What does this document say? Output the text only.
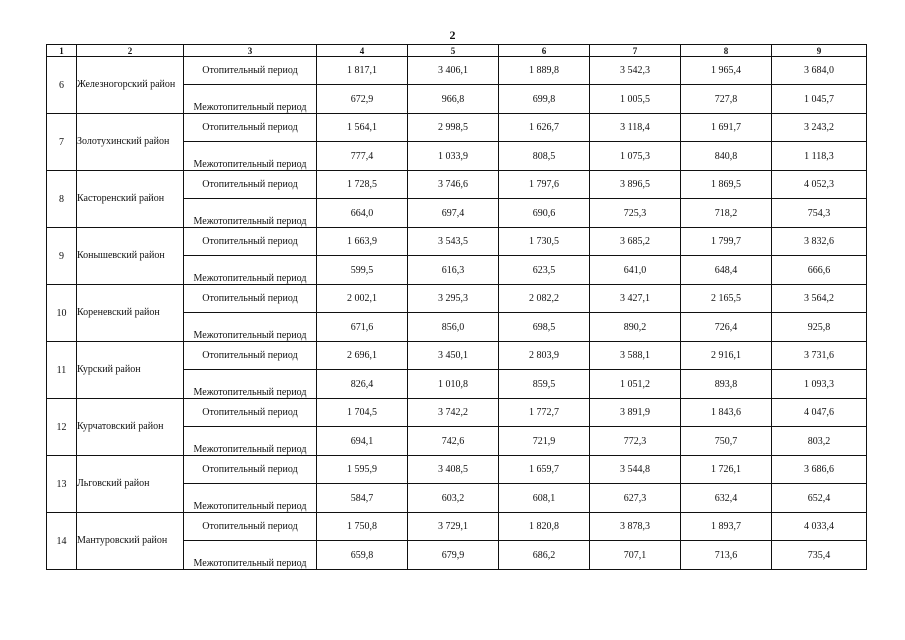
2
1	2	3	4	5	6	7	8	9
6	Железногорский район	Отопительный период	1 817,1	3 406,1	1 889,8	3 542,3	1 965,4	3 684,0
		Межотопительный период	672,9	966,8	699,8	1 005,5	727,8	1 045,7
7	Золотухинский район	Отопительный период	1 564,1	2 998,5	1 626,7	3 118,4	1 691,7	3 243,2
		Межотопительный период	777,4	1 033,9	808,5	1 075,3	840,8	1 118,3
8	Касторенский район	Отопительный период	1 728,5	3 746,6	1 797,6	3 896,5	1 869,5	4 052,3
		Межотопительный период	664,0	697,4	690,6	725,3	718,2	754,3
9	Конышевский район	Отопительный период	1 663,9	3 543,5	1 730,5	3 685,2	1 799,7	3 832,6
		Межотопительный период	599,5	616,3	623,5	641,0	648,4	666,6
10	Кореневский район	Отопительный период	2 002,1	3 295,3	2 082,2	3 427,1	2 165,5	3 564,2
		Межотопительный период	671,6	856,0	698,5	890,2	726,4	925,8
11	Курский район	Отопительный период	2 696,1	3 450,1	2 803,9	3 588,1	2 916,1	3 731,6
		Межотопительный период	826,4	1 010,8	859,5	1 051,2	893,8	1 093,3
12	Курчатовский район	Отопительный период	1 704,5	3 742,2	1 772,7	3 891,9	1 843,6	4 047,6
		Межотопительный период	694,1	742,6	721,9	772,3	750,7	803,2
13	Льговский район	Отопительный период	1 595,9	3 408,5	1 659,7	3 544,8	1 726,1	3 686,6
		Межотопительный период	584,7	603,2	608,1	627,3	632,4	652,4
14	Мантуровский район	Отопительный период	1 750,8	3 729,1	1 820,8	3 878,3	1 893,7	4 033,4
		Межотопительный период	659,8	679,9	686,2	707,1	713,6	735,4
